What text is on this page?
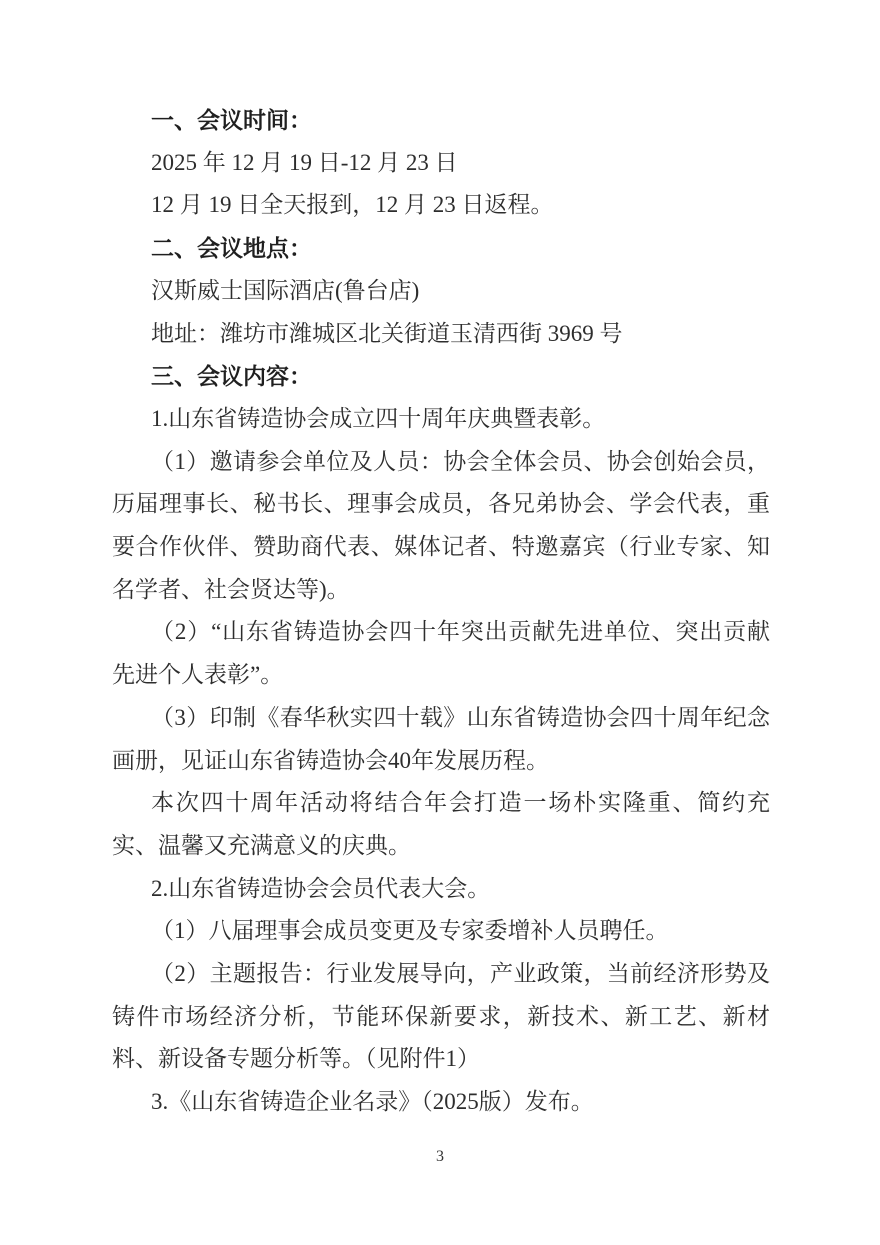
一、会议时间：

2025 年 12 月 19 日-12 月 23 日

12 月 19 日全天报到，12 月 23 日返程。

二、会议地点：

汉斯威士国际酒店(鲁台店)

地址：潍坊市潍城区北关街道玉清西街 3969 号

三、会议内容：

1.山东省铸造协会成立四十周年庆典暨表彰。

（1）邀请参会单位及人员：协会全体会员、协会创始会员，历届理事长、秘书长、理事会成员，各兄弟协会、学会代表，重要合作伙伴、赞助商代表、媒体记者、特邀嘉宾（行业专家、知名学者、社会贤达等)。

（2）“山东省铸造协会四十年突出贡献先进单位、突出贡献先进个人表彰”。

（3）印制《春华秋实四十载》山东省铸造协会四十周年纪念画册，见证山东省铸造协会40年发展历程。

本次四十周年活动将结合年会打造一场朴实隆重、简约充实、温馨又充满意义的庆典。

2.山东省铸造协会会员代表大会。

（1）八届理事会成员变更及专家委增补人员聘任。

（2）主题报告：行业发展导向，产业政策，当前经济形势及铸件市场经济分析，节能环保新要求，新技术、新工艺、新材料、新设备专题分析等。（见附件1）

3.《山东省铸造企业名录》（2025版）发布。

3
